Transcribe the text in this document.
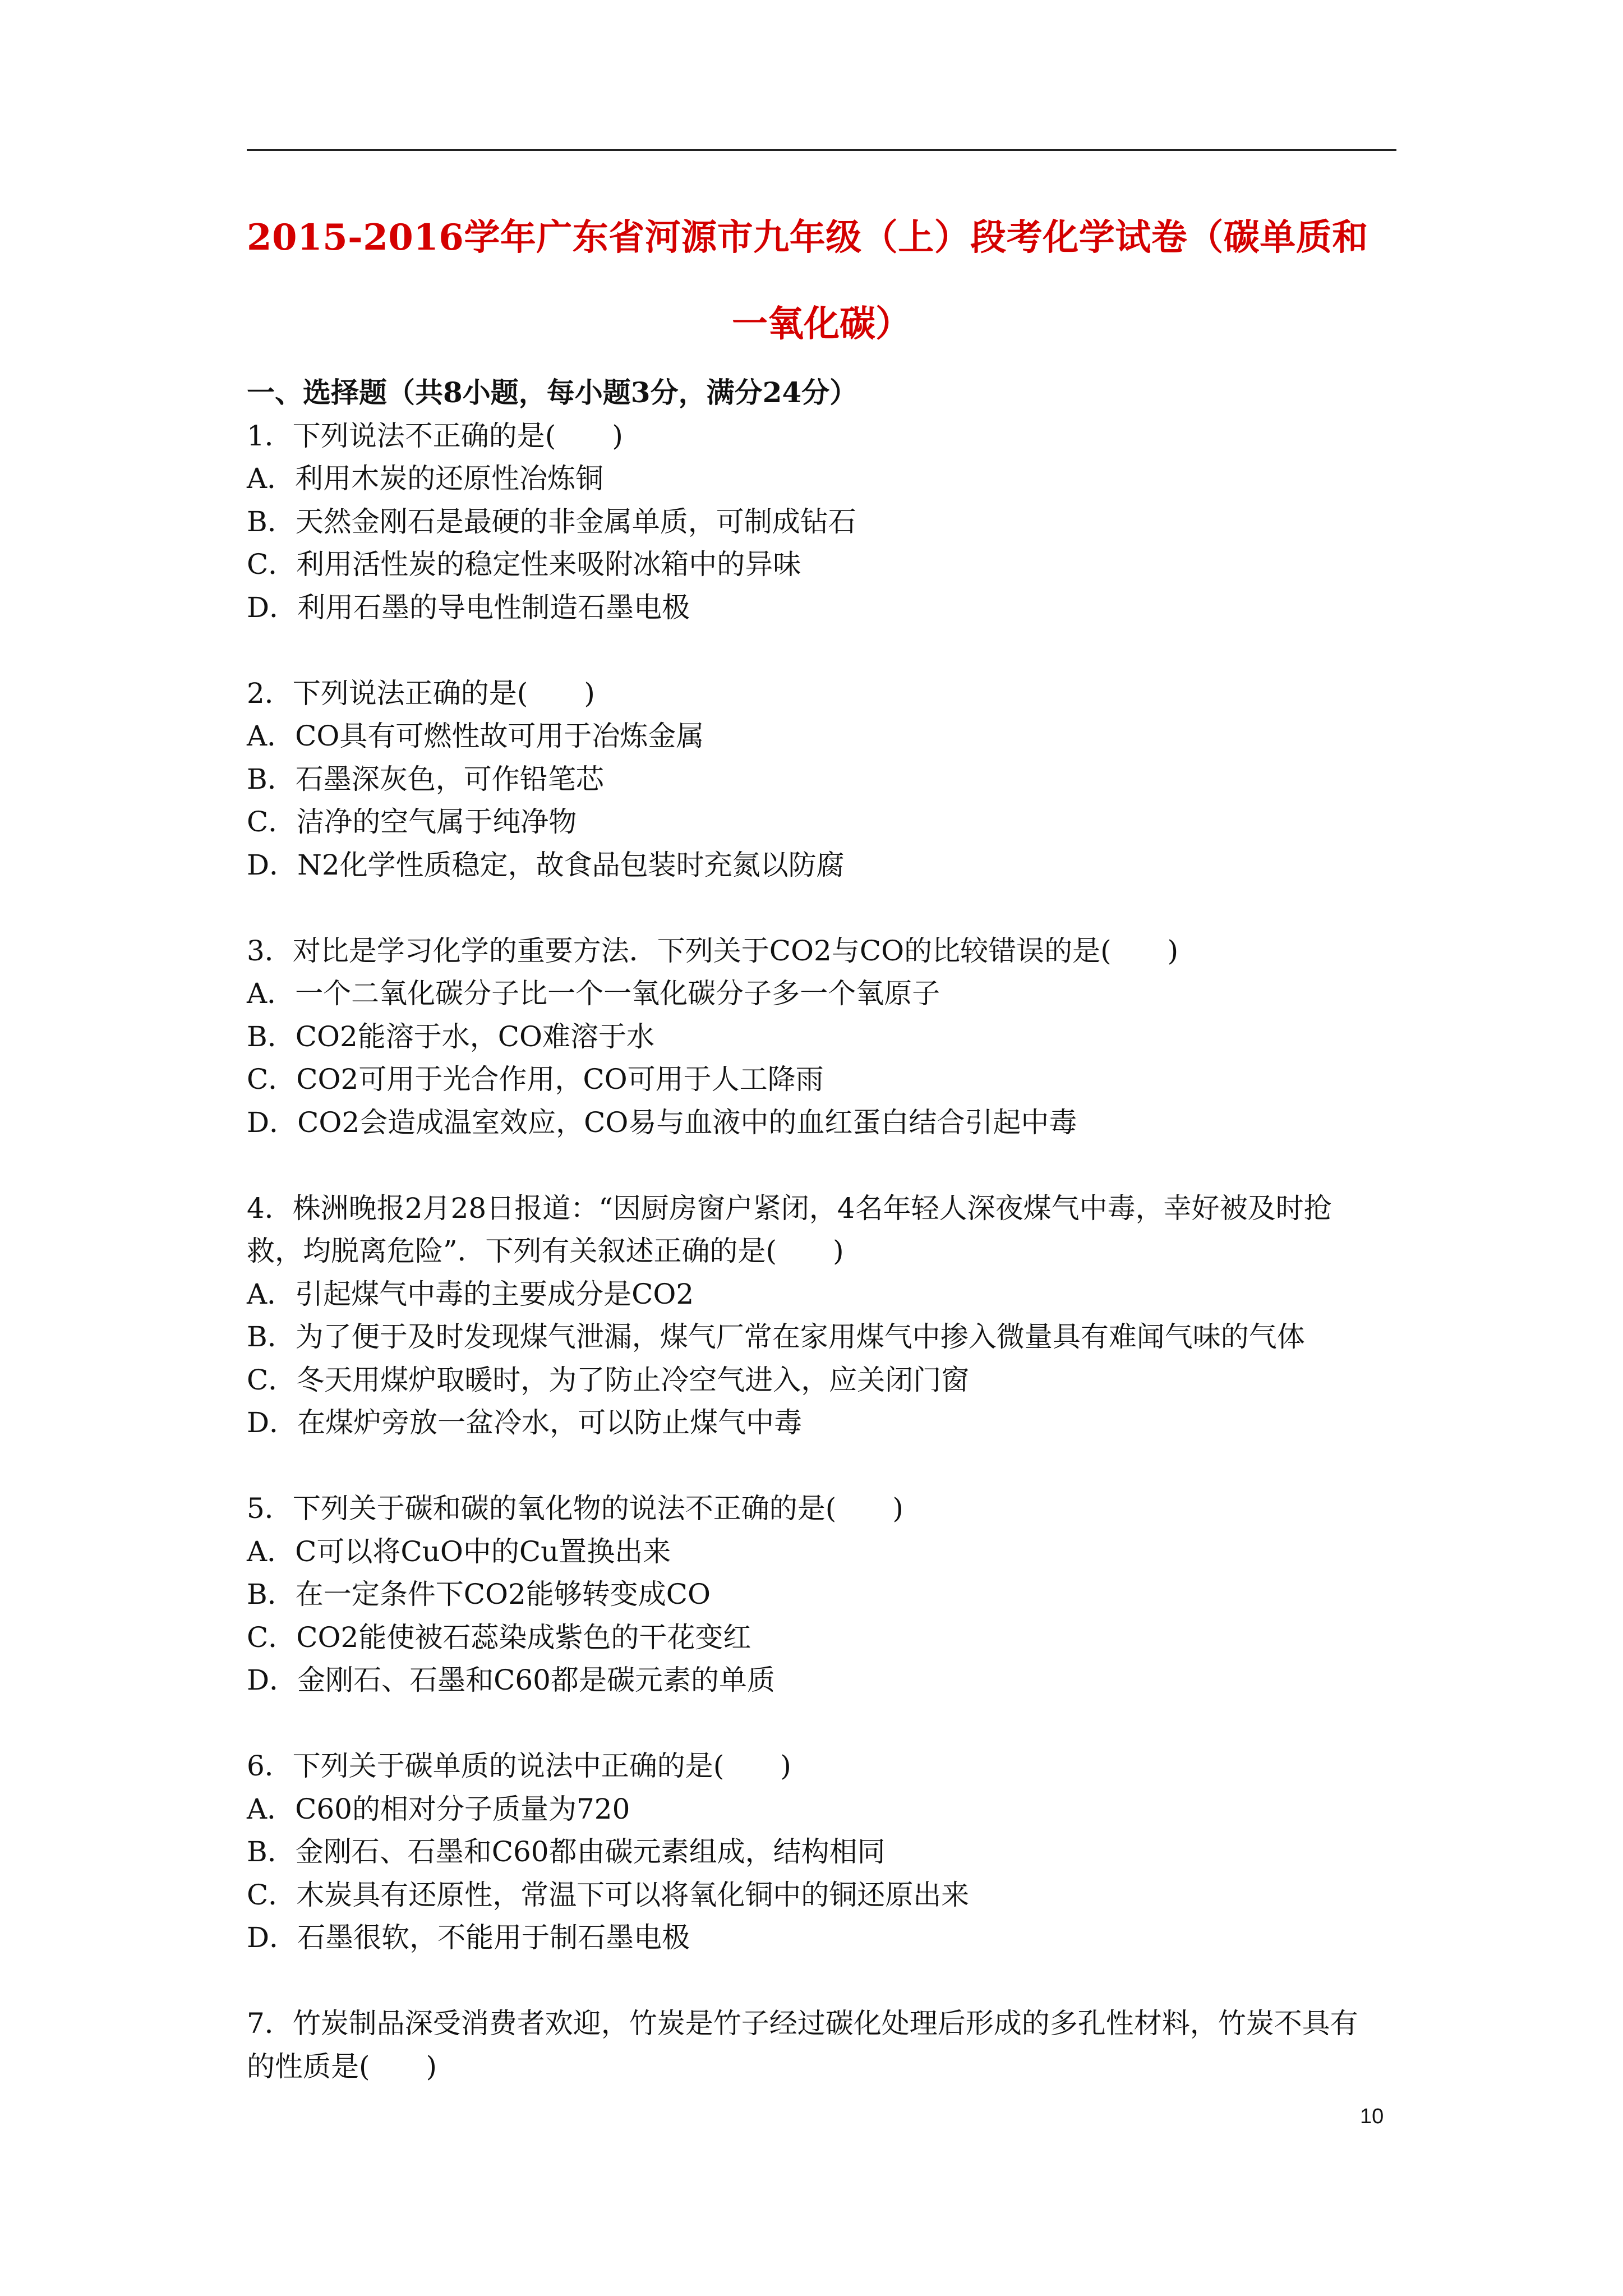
2015-2016学年广东省河源市九年级（上）段考化学试卷（碳单质和
一氧化碳）
一、选择题（共8小题，每小题3分，满分24分）
1．下列说法不正确的是(　　)
A．利用木炭的还原性冶炼铜
B．天然金刚石是最硬的非金属单质，可制成钻石
C．利用活性炭的稳定性来吸附冰箱中的异味
D．利用石墨的导电性制造石墨电极
2．下列说法正确的是(　　)
A．CO具有可燃性故可用于冶炼金属
B．石墨深灰色，可作铅笔芯
C．洁净的空气属于纯净物
D．N2化学性质稳定，故食品包装时充氮以防腐
3．对比是学习化学的重要方法．下列关于CO2与CO的比较错误的是(　　)
A．一个二氧化碳分子比一个一氧化碳分子多一个氧原子
B．CO2能溶于水，CO难溶于水
C．CO2可用于光合作用，CO可用于人工降雨
D．CO2会造成温室效应，CO易与血液中的血红蛋白结合引起中毒
4．株洲晚报2月28日报道：“因厨房窗户紧闭，4名年轻人深夜煤气中毒，幸好被及时抢
救，均脱离危险”．下列有关叙述正确的是(　　)
A．引起煤气中毒的主要成分是CO2
B．为了便于及时发现煤气泄漏，煤气厂常在家用煤气中掺入微量具有难闻气味的气体
C．冬天用煤炉取暖时，为了防止冷空气进入，应关闭门窗
D．在煤炉旁放一盆冷水，可以防止煤气中毒
5．下列关于碳和碳的氧化物的说法不正确的是(　　)
A．C可以将CuO中的Cu置换出来
B．在一定条件下CO2能够转变成CO
C．CO2能使被石蕊染成紫色的干花变红
D．金刚石、石墨和C60都是碳元素的单质
6．下列关于碳单质的说法中正确的是(　　)
A．C60的相对分子质量为720
B．金刚石、石墨和C60都由碳元素组成，结构相同
C．木炭具有还原性，常温下可以将氧化铜中的铜还原出来
D．石墨很软，不能用于制石墨电极
7．竹炭制品深受消费者欢迎，竹炭是竹子经过碳化处理后形成的多孔性材料，竹炭不具有
的性质是(　　)
10
